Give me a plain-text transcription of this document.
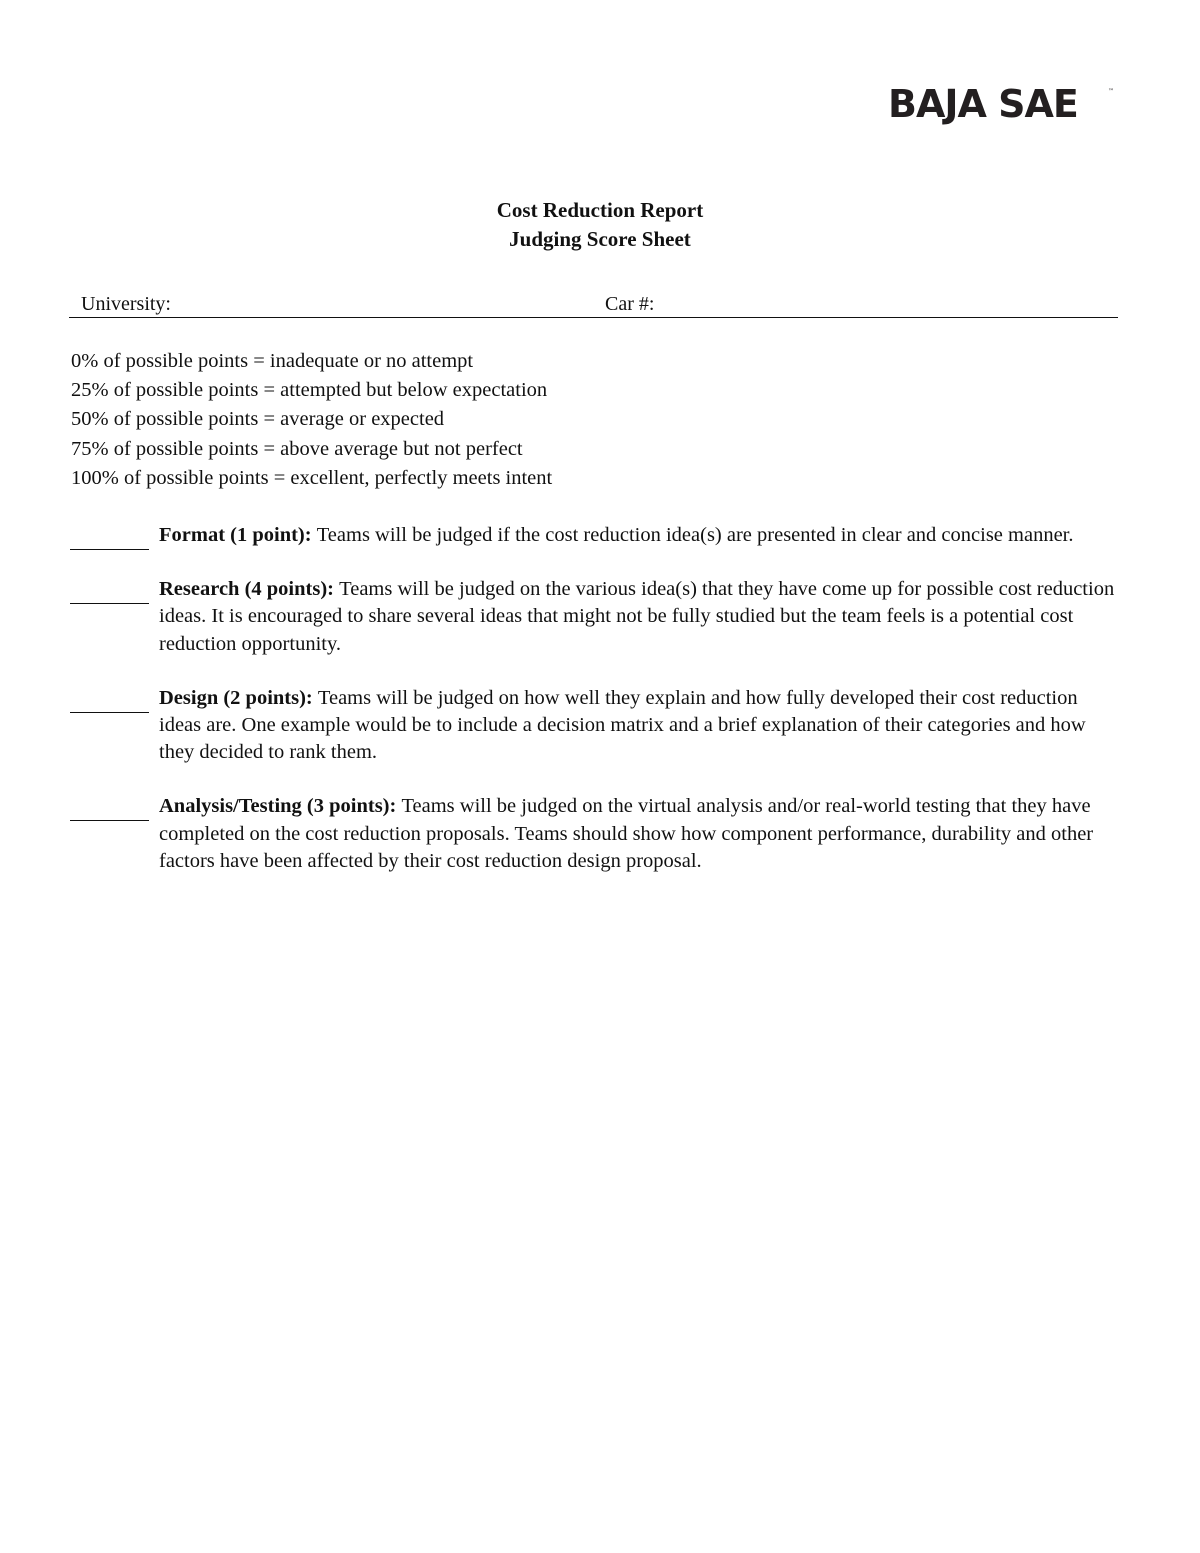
BAJA SAE	™
Cost Reduction Report
Judging Score Sheet
University:	Car #:
0% of possible points = inadequate or no attempt
25% of possible points = attempted but below expectation
50% of possible points = average or expected
75% of possible points = above average but not perfect
100% of possible points = excellent, perfectly meets intent
Format (1 point): Teams will be judged if the cost reduction idea(s) are presented in clear and concise manner.
Research (4 points): Teams will be judged on the various idea(s) that they have come up for possible cost reduction ideas. It is encouraged to share several ideas that might not be fully studied but the team feels is a potential cost reduction opportunity.
Design (2 points): Teams will be judged on how well they explain and how fully developed their cost reduction ideas are. One example would be to include a decision matrix and a brief explanation of their categories and how they decided to rank them.
Analysis/Testing (3 points): Teams will be judged on the virtual analysis and/or real-world testing that they have completed on the cost reduction proposals. Teams should show how component performance, durability and other factors have been affected by their cost reduction design proposal.
